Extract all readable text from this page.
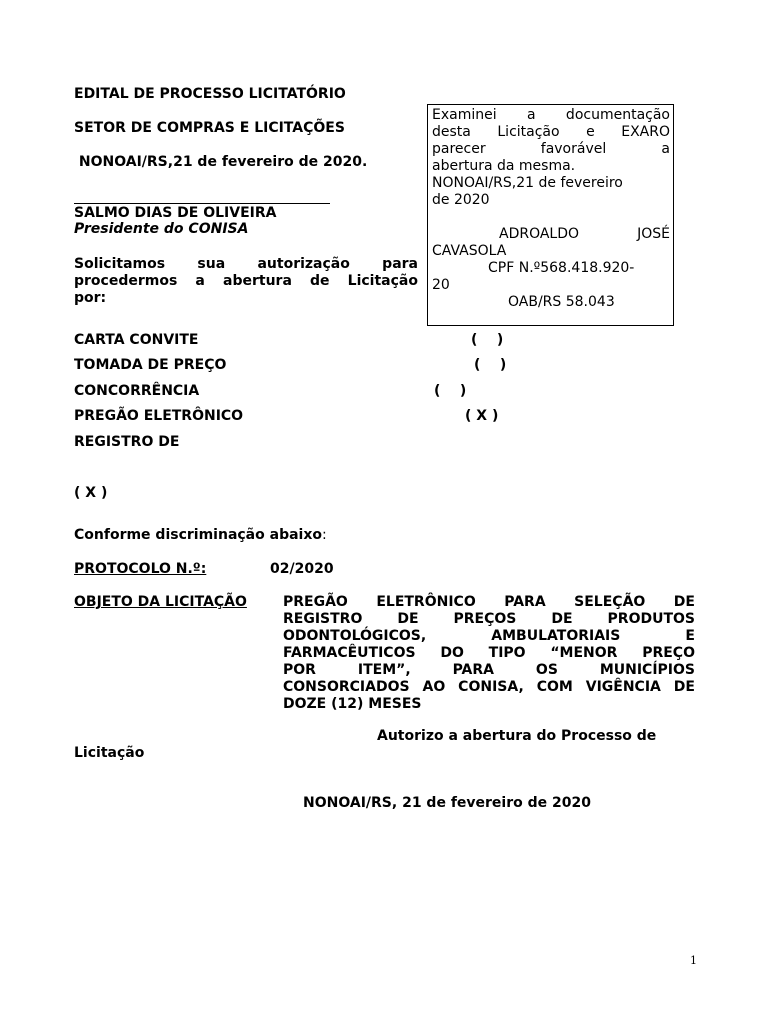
EDITAL DE PROCESSO LICITATÓRIO
SETOR DE COMPRAS E LICITAÇÕES
NONOAI/RS,21 de fevereiro de 2020.
Examinei a documentação
desta Licitação e EXARO
parecer favorável a
abertura da mesma.
NONOAI/RS,21 de fevereiro
de 2020
ADROALDO JOSÉ
CAVASOLA
CPF N.º568.418.920-
20
OAB/RS 58.043
SALMO DIAS DE OLIVEIRA
Presidente do CONISA
Solicitamos sua autorização para
procedermos a abertura de Licitação
por:
CARTA CONVITE	(    )
TOMADA DE PREÇO	(    )
CONCORRÊNCIA	(    )
PREGÃO ELETRÔNICO	( X )
REGISTRO DE
( X )
Conforme discriminação abaixo:
PROTOCOLO N.º:	02/2020
OBJETO DA LICITAÇÃO	PREGÃO ELETRÔNICO PARA SELEÇÃO DE
REGISTRO DE PREÇOS DE PRODUTOS
ODONTOLÓGICOS, AMBULATORIAIS E
FARMACÊUTICOS DO TIPO “MENOR PREÇO
POR ITEM”, PARA OS MUNICÍPIOS
CONSORCIADOS AO CONISA, COM VIGÊNCIA DE
DOZE (12) MESES
Autorizo a abertura do Processo de
Licitação
NONOAI/RS, 21 de fevereiro de 2020
1
